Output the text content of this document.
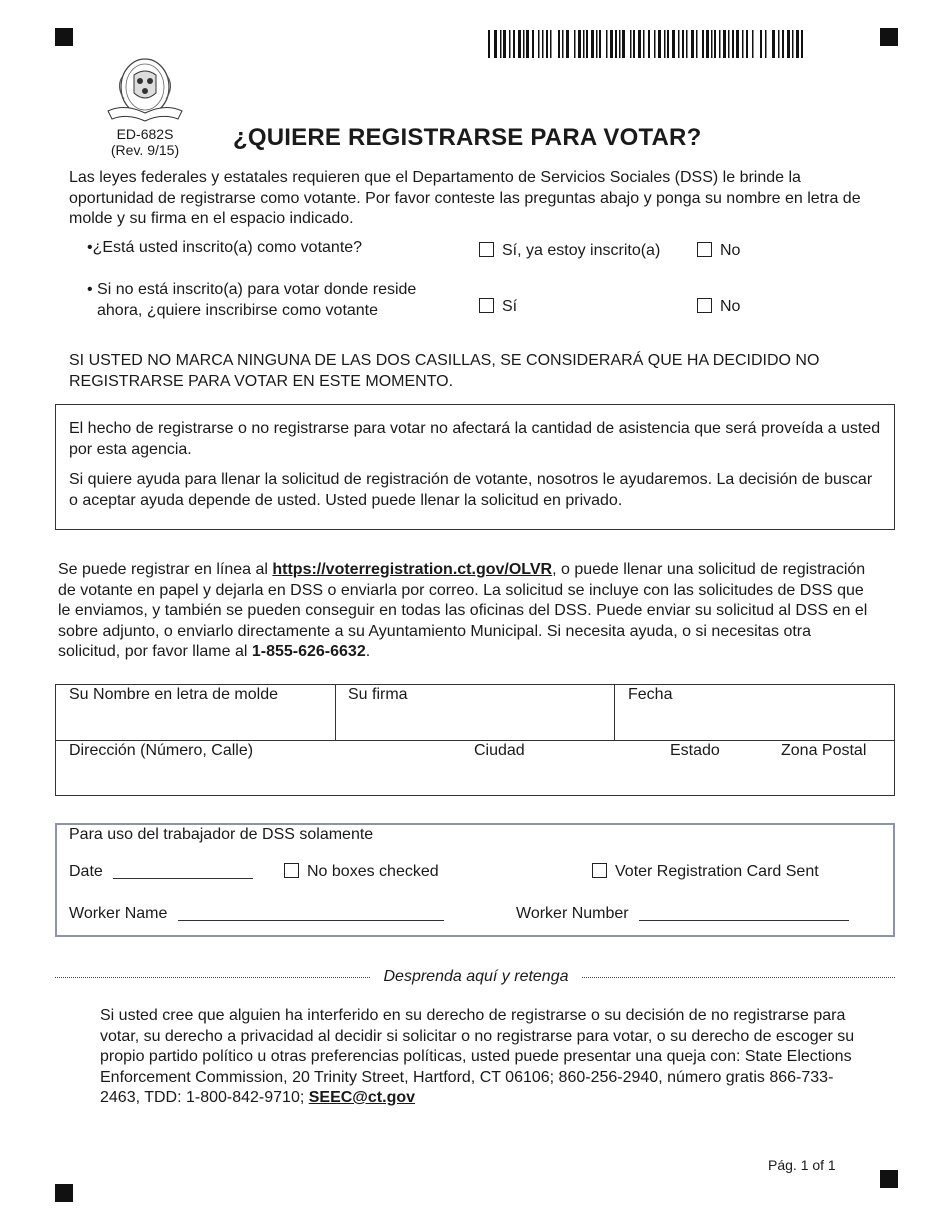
ED-682S
(Rev. 9/15)	¿QUIERE REGISTRARSE PARA VOTAR?
Las leyes federales y estatales requieren que el Departamento de Servicios Sociales (DSS) le brinde la oportunidad de registrarse como votante. Por favor conteste las preguntas abajo y ponga su nombre en letra de molde y su firma en el espacio indicado.
•¿Está usted inscrito(a) como votante?	Sí, ya estoy inscrito(a)	No
• Si no está inscrito(a) para votar donde reside ahora, ¿quiere inscribirse como votante	Sí	No
SI USTED NO MARCA NINGUNA DE LAS DOS CASILLAS, SE CONSIDERARÁ QUE HA DECIDIDO NO REGISTRARSE PARA VOTAR EN ESTE MOMENTO.
El hecho de registrarse o no registrarse para votar no afectará la cantidad de asistencia que será proveída a usted por esta agencia.
Si quiere ayuda para llenar la solicitud de registración de votante, nosotros le ayudaremos. La decisión de buscar o aceptar ayuda depende de usted. Usted puede llenar la solicitud en privado.
Se puede registrar en línea al https://voterregistration.ct.gov/OLVR, o puede llenar una solicitud de registración de votante en papel y dejarla en DSS o enviarla por correo. La solicitud se incluye con las solicitudes de DSS que le enviamos, y también se pueden conseguir en todas las oficinas del DSS. Puede enviar su solicitud al DSS en el sobre adjunto, o enviarlo directamente a su Ayuntamiento Municipal. Si necesita ayuda, o si necesitas otra solicitud, por favor llame al 1-855-626-6632.
Su Nombre en letra de molde	Su firma	Fecha
Dirección (Número, Calle)	Ciudad	Estado	Zona Postal
Para uso del trabajador de DSS solamente
Date	No boxes checked	Voter Registration Card Sent
Worker Name	Worker Number
Desprenda aquí y retenga
Si usted cree que alguien ha interferido en su derecho de registrarse o su decisión de no registrarse para votar, su derecho a privacidad al decidir si solicitar o no registrarse para votar, o su derecho de escoger su propio partido político u otras preferencias políticas, usted puede presentar una queja con: State Elections Enforcement Commission, 20 Trinity Street, Hartford, CT 06106; 860-256-2940, número gratis 866-733- 2463, TDD: 1-800-842-9710; SEEC@ct.gov
Pág. 1 of 1
